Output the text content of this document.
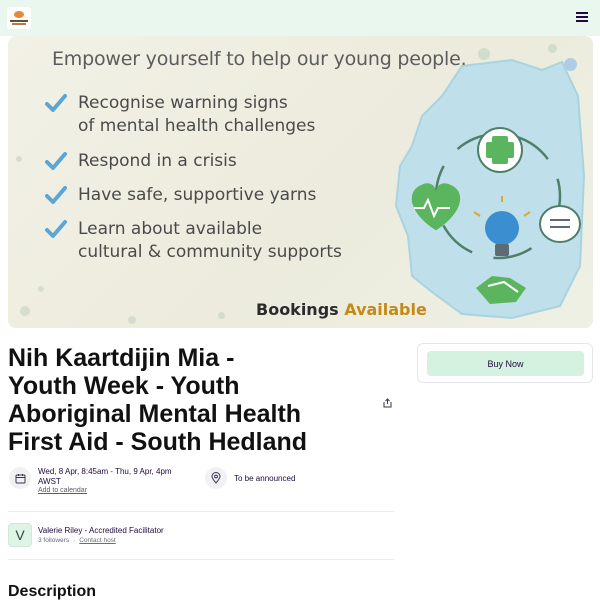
Empower yourself to help our young people.
Recognise warning signs
of mental health challenges
Respond in a crisis
Have safe, supportive yarns
Learn about available
cultural & community supports
Bookings Available
Nih Kaartdijin Mia - Youth Week - Youth Aboriginal Mental Health First Aid - South Hedland
Buy Now
Wed, 8 Apr, 8:45am - Thu, 9 Apr, 4pm AWST
Add to calendar
To be announced
V	Valerie Riley - Accredited Facilitator
3 followers · Contact host
Description
